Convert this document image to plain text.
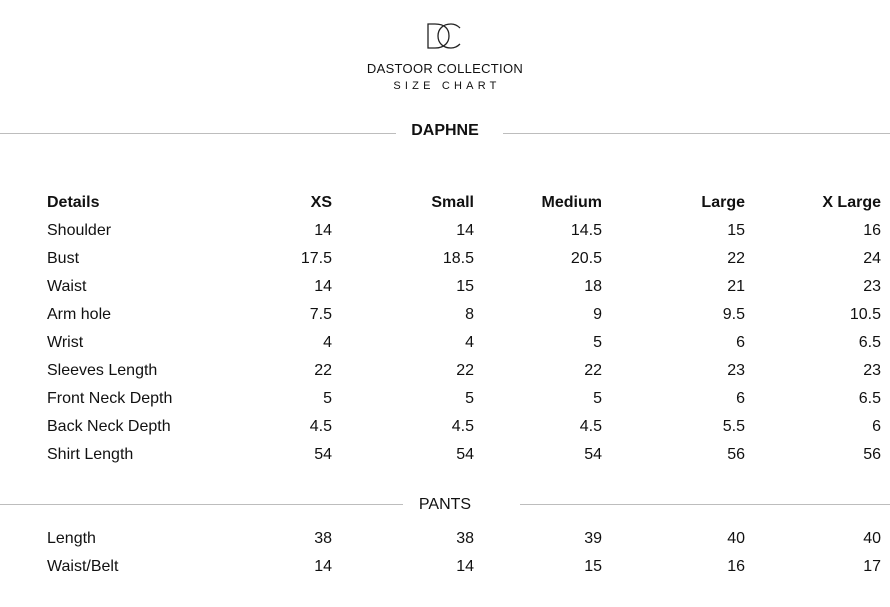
DASTOOR COLLECTION
SIZE CHART
DAPHNE
Details	XS	Small	Medium	Large	X Large
Shoulder	14	14	14.5	15	16
Bust	17.5	18.5	20.5	22	24
Waist	14	15	18	21	23
Arm hole	7.5	8	9	9.5	10.5
Wrist	4	4	5	6	6.5
Sleeves Length	22	22	22	23	23
Front Neck Depth	5	5	5	6	6.5
Back Neck Depth	4.5	4.5	4.5	5.5	6
Shirt Length	54	54	54	56	56
PANTS
Length	38	38	39	40	40
Waist/Belt	14	14	15	16	17
